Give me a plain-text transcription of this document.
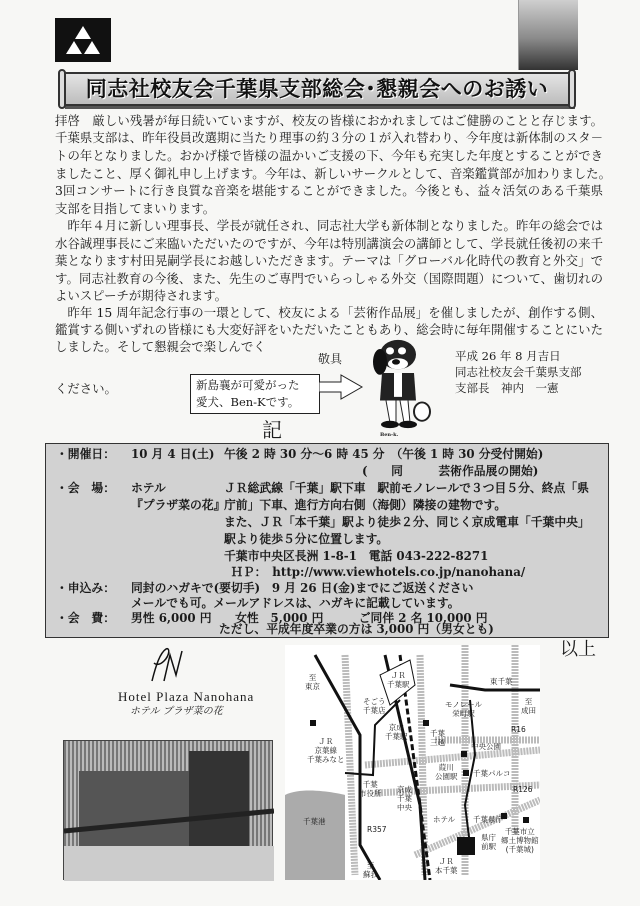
同志社校友会千葉県支部総会･懇親会へのお誘い
拝啓　厳しい残暑が毎日続いていますが、校友の皆様におかれましてはご健勝のことと存じます。
千葉県支部は、昨年役員改選期に当たり理事の約３分の１が入れ替わり、今年度は新体制のスタ－
トの年となりました。おかげ様で皆様の温かいご支援の下、今年も充実した年度とすることができ
ましたこと、厚く御礼申し上げます。今年は、新しいサークルとして、音楽鑑賞部が加わりました。
3回コンサートに行き良質な音楽を堪能することができました。今後とも、益々活気のある千葉県
支部を目指してまいります。
　昨年４月に新しい理事長、学長が就任され、同志社大学も新体制となりました。昨年の総会では
水谷誠理事長にご来臨いただいたのですが、今年は特別講演会の講師として、学長就任後初の来千
葉となります村田晃嗣学長にお越しいただきます。テーマは「グローバル化時代の教育と外交」で
す。同志社教育の今後、また、先生のご専門でいらっしゃる外交（国際問題）について、歯切れの
よいスピーチが期待されます。
　昨年 15 周年記念行事の一環として、校友による「芸術作品展」を催しましたが、創作する側、
鑑賞する側いずれの皆様にも大変好評をいただいたこともあり、総会時に毎年開催することにいた
しました。そして懇親会で楽しんでく
ください。
敬具
新島襄が可愛がった
愛犬、Ben-Kです。
Ben-k.
平成 26 年 8 月吉日
同志社校友会千葉県支部
支部長　神内　一憲
記
・開催日： 10 月 4 日(土) 午後 2 時 30 分～6 時 45 分　（午後 1 時 30 分受付開始)
(　　同　　　芸術作品展の開始)
・会　場： ホテル
『プラザ菜の花』
ＪＲ総武線「千葉」駅下車　駅前モノレールで３つ目５分、終点「県
庁前」下車、進行方向右側（海側）隣接の建物です。
また、ＪＲ「本千葉」駅より徒歩２分、同じく京成電車「千葉中央」
駅より徒歩５分に位置します。
千葉市中央区長洲 1-8-1　電話 043-222-8271
ＨＰ：　http://www.viewhotels.co.jp/nanohana/
・申込み： 同封のハガキで(要切手)　9 月 26 日(金)までにご返送ください
メールでも可。メールアドレスは、ハガキに記載しています。
・会　費： 男性 6,000 円　　女性　5,000 円　　　ご同伴 2 名 10,000 円
ただし、平成年度卒業の方は 3,000 円（男女とも)
Hotel Plaza Nanohana
ホテル プラザ菜の花
以上
至
東京
ＪＲ
千葉駅
そごう
千葉店
東千葉
至
成田
モノレール
栄町駅
京成
千葉駅	千葉
三越
R16
ＪＲ
京葉線
千葉みなと
中央公園
葭川
公園駅 千葉パルコ
千葉
市役所 京成
千葉
中央
R126
千葉港
R357
ホテル
県庁
前駅
千葉県庁
千葉市立
郷土博物館
(千葉城)
ＪＲ
本千葉
至
蘇我
